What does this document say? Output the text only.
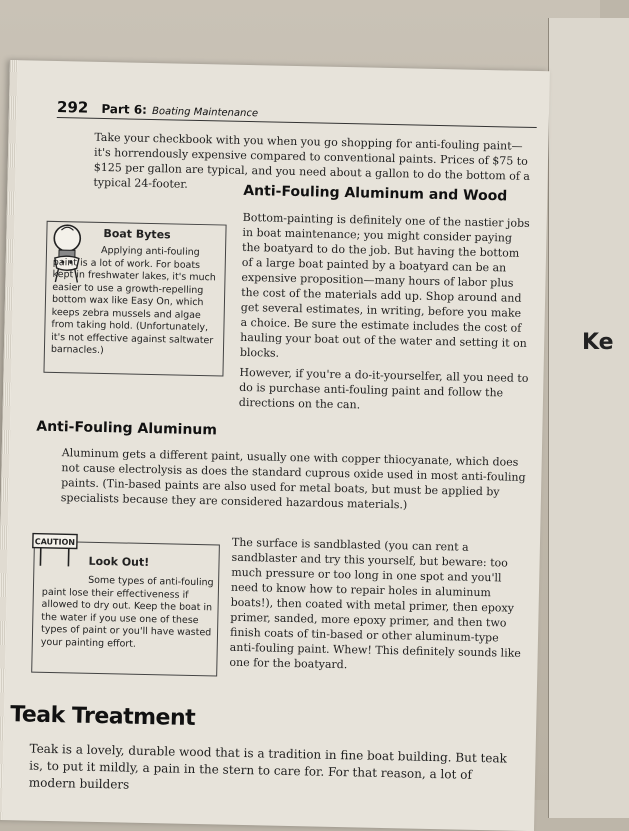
Ke
292 Part 6: Boating Maintenance

Take your checkbook with you when you go shopping for anti-fouling paint—it's horrendously expensive compared to conventional paints. Prices of $75 to $125 per gallon are typical, and you need about a gallon to do the bottom of a typical 24-footer.	Anti-Fouling Aluminum and Wood

Bottom-painting is definitely one of the nastier jobs in boat maintenance; you might consider paying the boatyard to do the job. But having the bottom of a large boat painted by a boatyard can be an expensive proposition—many hours of labor plus the cost of the materials add up. Shop around and get several estimates, in writing, before you make a choice. Be sure the estimate includes the cost of hauling your boat out of the water and setting it on blocks.

However, if you're a do-it-yourselfer, all you need to do is purchase anti-fouling paint and follow the directions on the can.

Boat Bytes

Applying anti-fouling paint is a lot of work. For boats kept in freshwater lakes, it's much easier to use a growth-repelling bottom wax like Easy On, which keeps zebra mussels and algae from taking hold. (Unfortunately, it's not effective against saltwater barnacles.)

Anti-Fouling Aluminum

Aluminum gets a different paint, usually one with copper thiocyanate, which does not cause electrolysis as does the standard cuprous oxide used in most anti-fouling paints. (Tin-based paints are also used for metal boats, but must be applied by specialists because they are considered hazardous materials.)

CAUTION
Look Out!

Some types of anti-fouling paint lose their effectiveness if allowed to dry out. Keep the boat in the water if you use one of these types of paint or you'll have wasted your painting effort.

The surface is sandblasted (you can rent a sandblaster and try this yourself, but beware: too much pressure or too long in one spot and you'll need to know how to repair holes in aluminum boats!), then coated with metal primer, then epoxy primer, sanded, more epoxy primer, and then two finish coats of tin-based or other aluminum-type anti-fouling paint. Whew! This definitely sounds like one for the boatyard.

Teak Treatment

Teak is a lovely, durable wood that is a tradition in fine boat building. But teak is, to put it mildly, a pain in the stern to care for. For that reason, a lot of modern builders
